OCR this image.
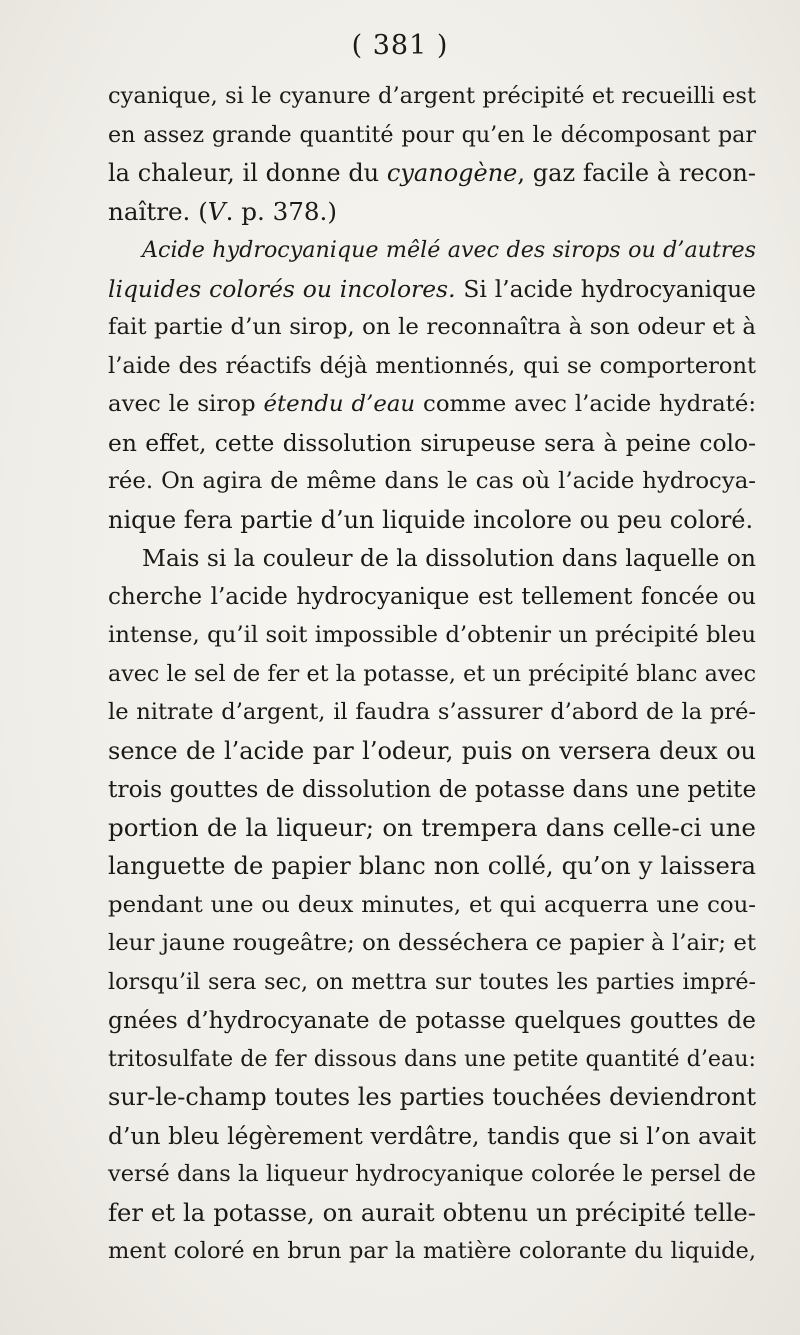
( 381 )
cyanique, si le cyanure d’argent précipité et recueilli est
en assez grande quantité pour qu’en le décomposant par
la chaleur, il donne du cyanogène, gaz facile à recon-
naître. (V. p. 378.)
Acide hydrocyanique mêlé avec des sirops ou d’autres
liquides colorés ou incolores. Si l’acide hydrocyanique
fait partie d’un sirop, on le reconnaîtra à son odeur et à
l’aide des réactifs déjà mentionnés, qui se comporteront
avec le sirop étendu d’eau comme avec l’acide hydraté:
en effet, cette dissolution sirupeuse sera à peine colo-
rée. On agira de même dans le cas où l’acide hydrocya-
nique fera partie d’un liquide incolore ou peu coloré.
Mais si la couleur de la dissolution dans laquelle on
cherche l’acide hydrocyanique est tellement foncée ou
intense, qu’il soit impossible d’obtenir un précipité bleu
avec le sel de fer et la potasse, et un précipité blanc avec
le nitrate d’argent, il faudra s’assurer d’abord de la pré-
sence de l’acide par l’odeur, puis on versera deux ou
trois gouttes de dissolution de potasse dans une petite
portion de la liqueur; on trempera dans celle-ci une
languette de papier blanc non collé, qu’on y laissera
pendant une ou deux minutes, et qui acquerra une cou-
leur jaune rougeâtre; on desséchera ce papier à l’air; et
lorsqu’il sera sec, on mettra sur toutes les parties impré-
gnées d’hydrocyanate de potasse quelques gouttes de
tritosulfate de fer dissous dans une petite quantité d’eau:
sur-le-champ toutes les parties touchées deviendront
d’un bleu légèrement verdâtre, tandis que si l’on avait
versé dans la liqueur hydrocyanique colorée le persel de
fer et la potasse, on aurait obtenu un précipité telle-
ment coloré en brun par la matière colorante du liquide,
